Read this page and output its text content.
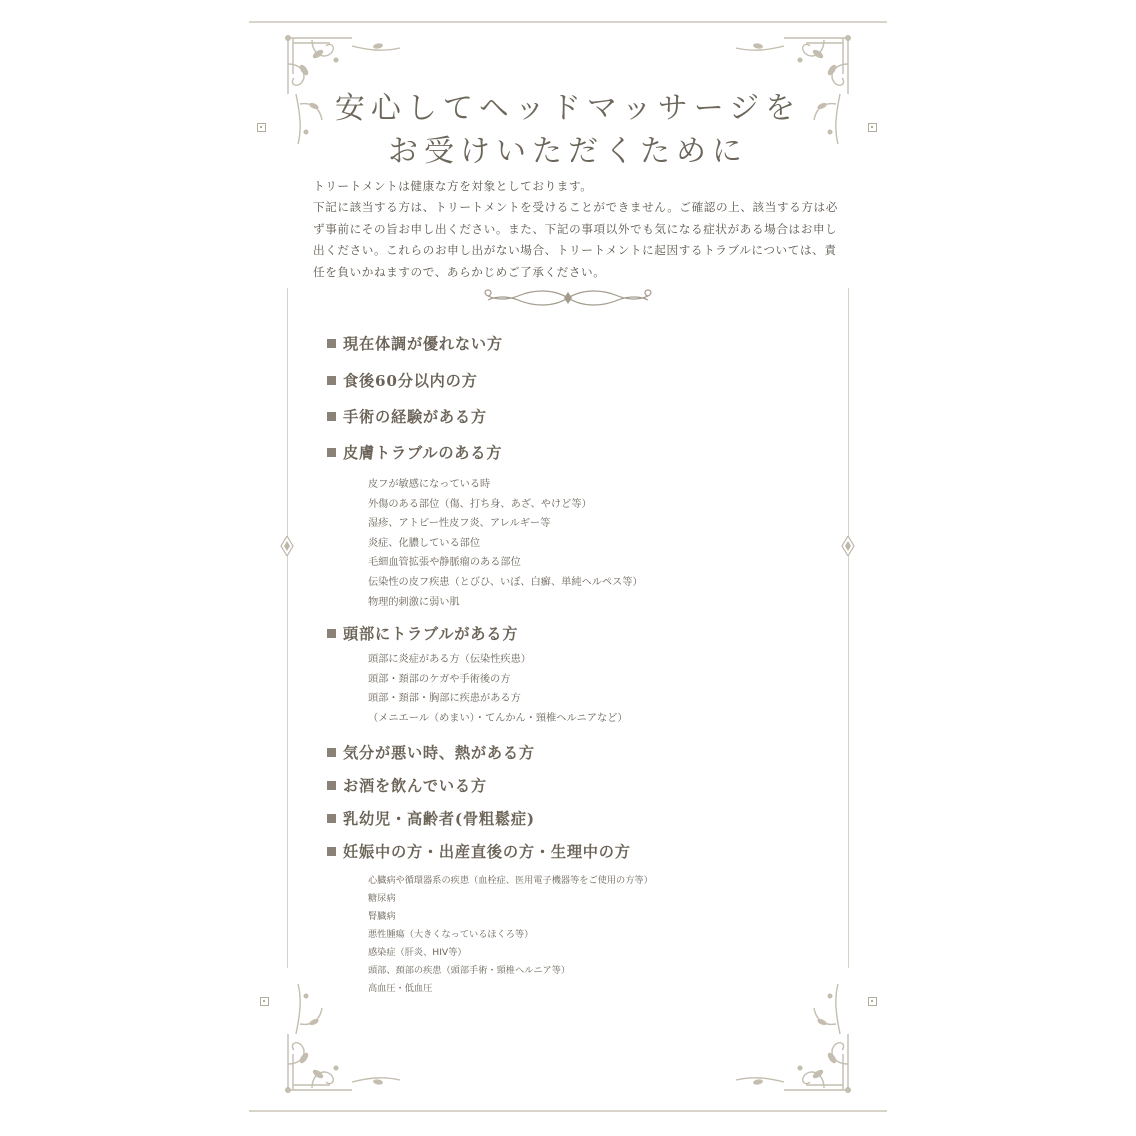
安心してヘッドマッサージを
お受けいただくために

トリートメントは健康な方を対象としております。

下記に該当する方は、トリートメントを受けることができません。ご確認の上、該当する方は必ず事前にその旨お申し出ください。また、下記の事項以外でも気になる症状がある場合はお申し出ください。これらのお申し出がない場合、トリートメントに起因するトラブルについては、責任を負いかねますので、あらかじめご了承ください。

現在体調が優れない方
食後60分以内の方
手術の経験がある方
皮膚トラブルのある方
皮フが敏感になっている時
外傷のある部位（傷、打ち身、あざ、やけど等）
湿疹、アトピー性皮フ炎、アレルギー等
炎症、化膿している部位
毛細血管拡張や静脈瘤のある部位
伝染性の皮フ疾患（とびひ、いぼ、白癬、単純ヘルペス等）
物理的刺激に弱い肌
頭部にトラブルがある方
頭部に炎症がある方（伝染性疾患）
頭部・頚部のケガや手術後の方
頭部・頚部・胸部に疾患がある方
（メニエール（めまい）・てんかん・頸椎ヘルニアなど）
気分が悪い時、熱がある方
お酒を飲んでいる方
乳幼児・高齢者(骨粗鬆症)
妊娠中の方・出産直後の方・生理中の方
心臓病や循環器系の疾患（血栓症、医用電子機器等をご使用の方等）
糖尿病
腎臓病
悪性腫瘍（大きくなっているほくろ等）
感染症（肝炎、HIV等）
頭部、頚部の疾患（頭部手術・頸椎ヘルニア等）
高血圧・低血圧
